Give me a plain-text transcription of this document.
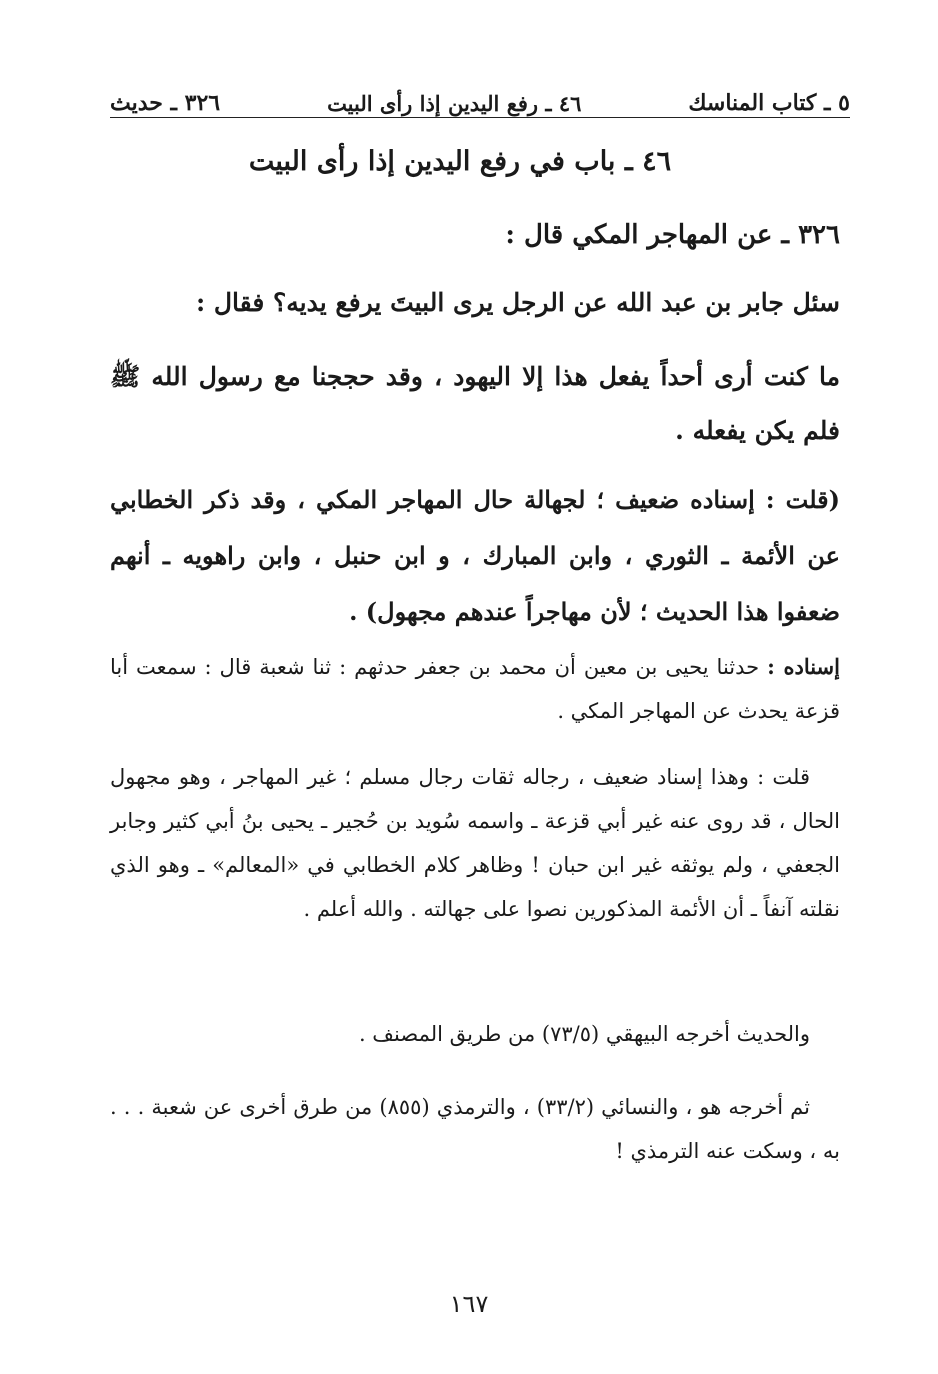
٥ ـ كتاب المناسك
٤٦ ـ رفع اليدين إذا رأى البيت
٣٢٦ ـ حديث
٤٦ ـ باب في رفع اليدين إذا رأى البيت
٣٢٦ ـ عن المهاجر المكي قال :
سئل جابر بن عبد الله عن الرجل يرى البيتَ يرفع يديه؟ فقال :
ما كنت أرى أحداً يفعل هذا إلا اليهود ، وقد حججنا مع رسول الله ﷺ فلم يكن يفعله .
(قلت : إسناده ضعيف ؛ لجهالة حال المهاجر المكي ، وقد ذكر الخطابي عن الأئمة ـ الثوري ، وابن المبارك ، و ابن حنبل ، وابن راهويه ـ أنهم ضعفوا هذا الحديث ؛ لأن مهاجراً عندهم مجهول) .
إسناده : حدثنا يحيى بن معين أن محمد بن جعفر حدثهم : ثنا شعبة قال : سمعت أبا قزعة يحدث عن المهاجر المكي .
قلت : وهذا إسناد ضعيف ، رجاله ثقات رجال مسلم ؛ غير المهاجر ، وهو مجهول الحال ، قد روى عنه غير أبي قزعة ـ واسمه سُويد بن حُجير ـ يحيى بنُ أبي كثير وجابر الجعفي ، ولم يوثقه غير ابن حبان ! وظاهر كلام الخطابي في «المعالم» ـ وهو الذي نقلته آنفاً ـ أن الأئمة المذكورين نصوا على جهالته . والله أعلم .
والحديث أخرجه البيهقي (٧٣/٥) من طريق المصنف .
ثم أخرجه هو ، والنسائي (٣٣/٢) ، والترمذي (٨٥٥) من طرق أخرى عن شعبة . . . به ، وسكت عنه الترمذي !
١٦٧
